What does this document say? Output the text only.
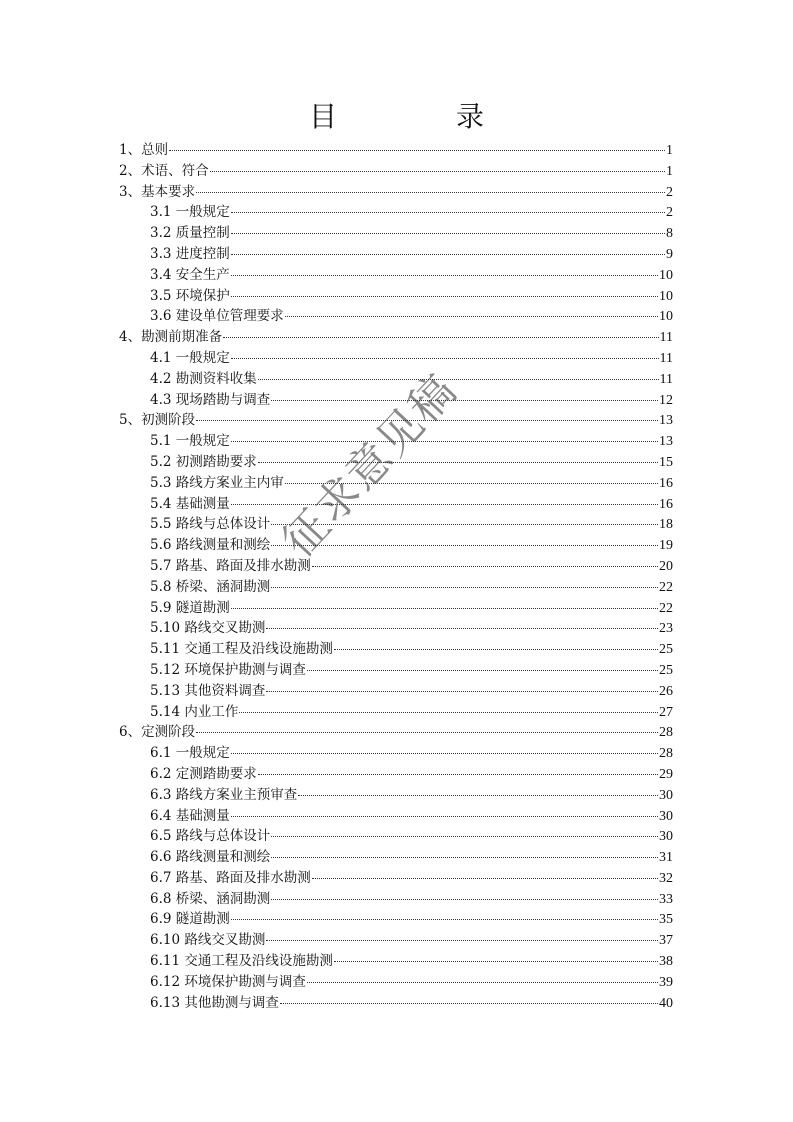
目 录
1、总则	1
2、术语、符合	1
3、基本要求	2
3.1 一般规定	2
3.2 质量控制	8
3.3 进度控制	9
3.4 安全生产	10
3.5 环境保护	10
3.6 建设单位管理要求	10
4、勘测前期准备	11
4.1 一般规定	11
4.2 勘测资料收集	11
4.3 现场踏勘与调查	12
5、初测阶段	13
5.1 一般规定	13
5.2 初测踏勘要求	15
5.3 路线方案业主内审	16
5.4 基础测量	16
5.5 路线与总体设计	18
5.6 路线测量和测绘	19
5.7 路基、路面及排水勘测	20
5.8 桥梁、涵洞勘测	22
5.9 隧道勘测	22
5.10 路线交叉勘测	23
5.11 交通工程及沿线设施勘测	25
5.12 环境保护勘测与调查	25
5.13 其他资料调查	26
5.14 内业工作	27
6、定测阶段	28
6.1 一般规定	28
6.2 定测踏勘要求	29
6.3 路线方案业主预审查	30
6.4 基础测量	30
6.5 路线与总体设计	30
6.6 路线测量和测绘	31
6.7 路基、路面及排水勘测	32
6.8 桥梁、涵洞勘测	33
6.9 隧道勘测	35
6.10 路线交叉勘测	37
6.11 交通工程及沿线设施勘测	38
6.12 环境保护勘测与调查	39
6.13 其他勘测与调查	40
征求意见稿
